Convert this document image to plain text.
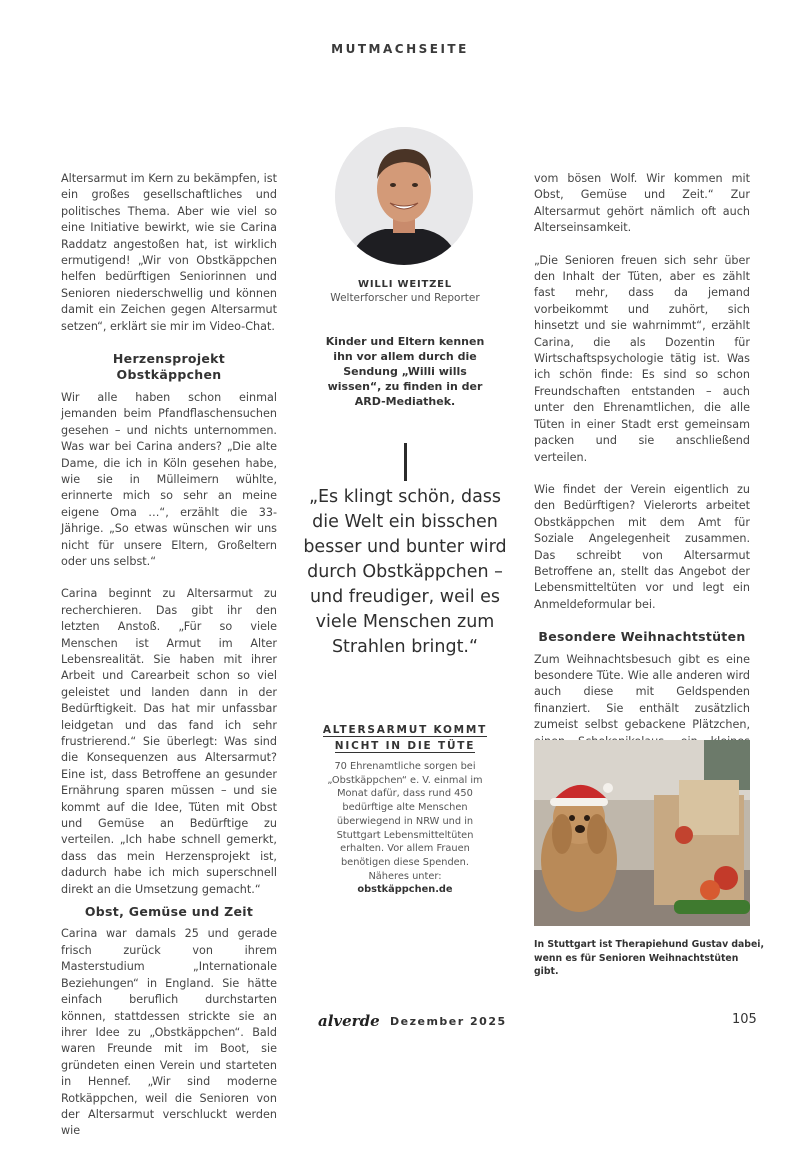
MUTMACHSEITE

Altersarmut im Kern zu bekämpfen, ist ein großes gesellschaftliches und politisches Thema. Aber wie viel so eine Initiative bewirkt, wie sie Carina Raddatz angestoßen hat, ist wirklich ermutigend! „Wir von Obstkäppchen helfen bedürftigen Seniorinnen und Senioren niederschwellig und können damit ein Zeichen gegen Altersarmut setzen“, erklärt sie mir im Video-Chat.

Herzensprojekt Obstkäppchen

Wir alle haben schon einmal jemanden beim Pfandflaschensuchen gesehen – und nichts unternommen. Was war bei Carina anders? „Die alte Dame, die ich in Köln gesehen habe, wie sie in Mülleimern wühlte, erinnerte mich so sehr an meine eigene Oma …“, erzählt die 33-Jährige. „So etwas wünschen wir uns nicht für unsere Eltern, Großeltern oder uns selbst.“

Carina beginnt zu Altersarmut zu recherchieren. Das gibt ihr den letzten Anstoß. „Für so viele Menschen ist Armut im Alter Lebensrealität. Sie haben mit ihrer Arbeit und Carearbeit schon so viel geleistet und landen dann in der Bedürftigkeit. Das hat mir unfassbar leidgetan und das fand ich sehr frustrierend.“ Sie überlegt: Was sind die Konsequenzen aus Altersarmut? Eine ist, dass Betroffene an gesunder Ernährung sparen müssen – und sie kommt auf die Idee, Tüten mit Obst und Gemüse an Bedürftige zu verteilen. „Ich habe schnell gemerkt, dass das mein Herzensprojekt ist, dadurch habe ich mich superschnell direkt an die Umsetzung gemacht.“

Obst, Gemüse und Zeit

Carina war damals 25 und gerade frisch zurück von ihrem Masterstudium „Internationale Beziehungen“ in England. Sie hätte einfach beruflich durchstarten können, stattdessen strickte sie an ihrer Idee zu „Obstkäppchen“. Bald waren Freunde mit im Boot, sie gründeten einen Verein und starteten in Hennef. „Wir sind moderne Rotkäppchen, weil die Senioren von der Altersarmut verschluckt werden wie

WILLI WEITZEL
Welterforscher und Reporter
Kinder und Eltern kennen ihn vor allem durch die Sendung „Willi wills wissen“, zu finden in der ARD-Mediathek.
„Es klingt schön, dass die Welt ein bisschen besser und bunter wird durch Obstkäppchen – und freudiger, weil es viele Menschen zum Strahlen bringt.“
ALTERSARMUT KOMMT NICHT IN DIE TÜTE
70 Ehrenamtliche sorgen bei „Obstkäppchen“ e. V. einmal im Monat dafür, dass rund 450 bedürftige alte Menschen überwiegend in NRW und in Stuttgart Lebensmitteltüten erhalten. Vor allem Frauen benötigen diese Spenden. Näheres unter:
obstkäppchen.de

vom bösen Wolf. Wir kommen mit Obst, Gemüse und Zeit.“ Zur Altersarmut gehört nämlich oft auch Alterseinsamkeit.

„Die Senioren freuen sich sehr über den Inhalt der Tüten, aber es zählt fast mehr, dass da jemand vorbeikommt und zuhört, sich hinsetzt und sie wahrnimmt“, erzählt Carina, die als Dozentin für Wirtschaftspsychologie tätig ist. Was ich schön finde: Es sind so schon Freundschaften entstanden – auch unter den Ehrenamtlichen, die alle Tüten in einer Stadt erst gemeinsam packen und sie anschließend verteilen.

Wie findet der Verein eigentlich zu den Bedürftigen? Vielerorts arbeitet Obstkäppchen mit dem Amt für Soziale Angelegenheit zusammen. Das schreibt von Altersarmut Betroffene an, stellt das Angebot der Lebensmitteltüten vor und legt ein Anmeldeformular bei.

Besondere Weihnachtstüten

Zum Weihnachtsbesuch gibt es eine besondere Tüte. Wie alle anderen wird auch diese mit Geldspenden finanziert. Sie enthält zusätzlich zumeist selbst gebackene Plätzchen,

In Stuttgart ist Therapiehund Gustav dabei, wenn es für Senioren Weihnachtstüten gibt.
alverde Dezember 2025	105
